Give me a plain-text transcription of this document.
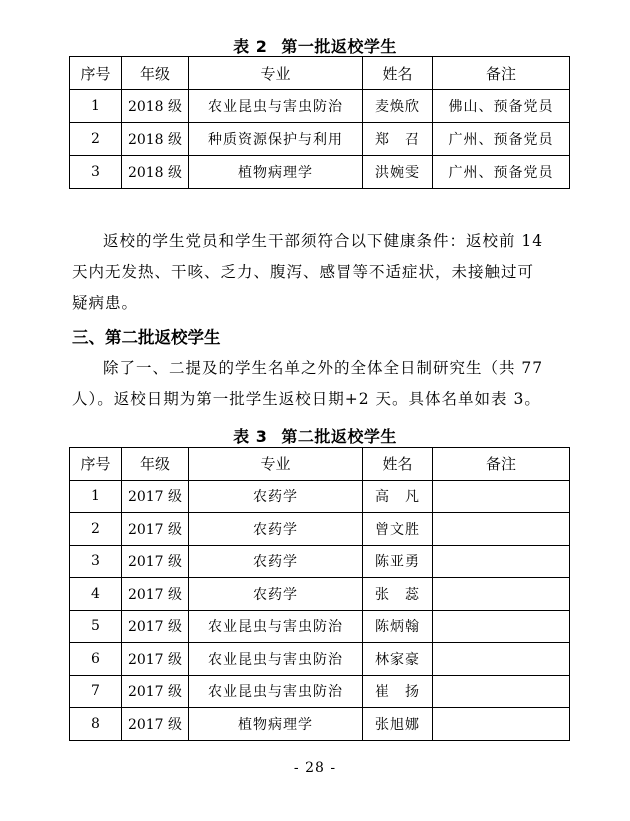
表 2 第一批返校学生
序号	年级	专业	姓名	备注
1	2018 级	农业昆虫与害虫防治	麦焕欣	佛山、预备党员
2	2018 级	种质资源保护与利用	郑　召	广州、预备党员
3	2018 级	植物病理学	洪婉雯	广州、预备党员
返校的学生党员和学生干部须符合以下健康条件：返校前 14
天内无发热、干咳、乏力、腹泻、感冒等不适症状，未接触过可
疑病患。
三、第二批返校学生
除了一、二提及的学生名单之外的全体全日制研究生（共 77
人）。返校日期为第一批学生返校日期+2 天。具体名单如表 3。
表 3 第二批返校学生
序号	年级	专业	姓名	备注
1	2017 级	农药学	高　凡	
2	2017 级	农药学	曾文胜	
3	2017 级	农药学	陈亚勇	
4	2017 级	农药学	张　蕊	
5	2017 级	农业昆虫与害虫防治	陈炳翰	
6	2017 级	农业昆虫与害虫防治	林家豪	
7	2017 级	农业昆虫与害虫防治	崔　扬	
8	2017 级	植物病理学	张旭娜	
- 28 -
